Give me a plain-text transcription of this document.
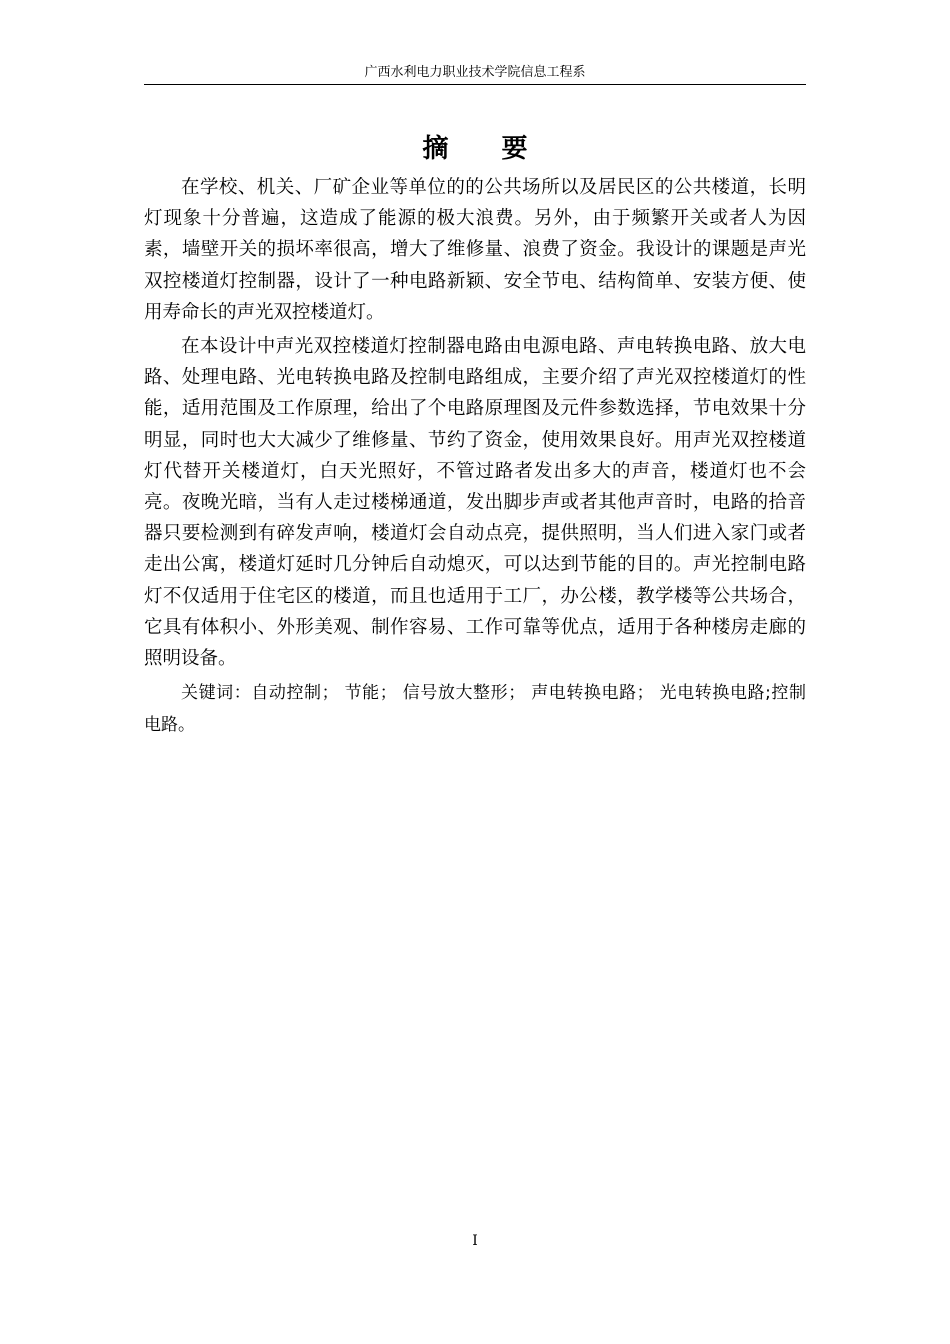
广西水利电力职业技术学院信息工程系
摘 要

在学校、机关、厂矿企业等单位的的公共场所以及居民区的公共楼道，长明灯现象十分普遍，这造成了能源的极大浪费。另外，由于频繁开关或者人为因素，墙壁开关的损坏率很高，增大了维修量、浪费了资金。我设计的课题是声光双控楼道灯控制器，设计了一种电路新颖、安全节电、结构简单、安装方便、使用寿命长的声光双控楼道灯。

在本设计中声光双控楼道灯控制器电路由电源电路、声电转换电路、放大电路、处理电路、光电转换电路及控制电路组成，主要介绍了声光双控楼道灯的性能，适用范围及工作原理，给出了个电路原理图及元件参数选择，节电效果十分明显，同时也大大减少了维修量、节约了资金，使用效果良好。用声光双控楼道灯代替开关楼道灯，白天光照好，不管过路者发出多大的声音，楼道灯也不会亮。夜晚光暗，当有人走过楼梯通道，发出脚步声或者其他声音时，电路的拾音器只要检测到有碎发声响，楼道灯会自动点亮，提供照明，当人们进入家门或者走出公寓，楼道灯延时几分钟后自动熄灭，可以达到节能的目的。声光控制电路灯不仅适用于住宅区的楼道，而且也适用于工厂，办公楼，教学楼等公共场合，它具有体积小、外形美观、制作容易、工作可靠等优点，适用于各种楼房走廊的照明设备。

关键词：自动控制； 节能； 信号放大整形； 声电转换电路； 光电转换电路;控制 电路。

I
